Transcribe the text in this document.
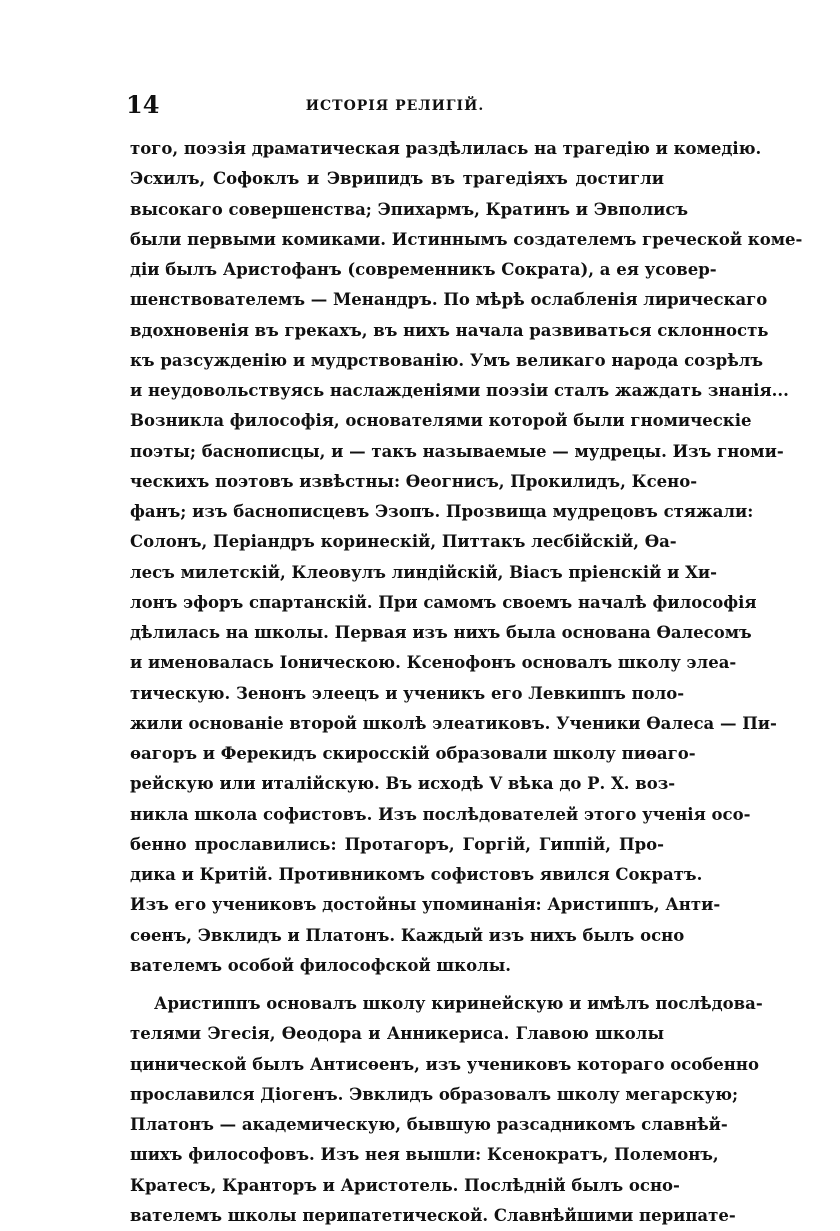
14	ИСТОРІЯ РЕЛИГІЙ.
того, поэзія драматическая раздѣлилась на трагедію и комедію.
Эсхилъ, Софоклъ и Эврипидъ въ трагедіяхъ достигли
высокаго совершенства; Эпихармъ, Кратинъ и Эвполисъ
были первыми комиками. Истиннымъ создателемъ греческой коме-
діи былъ Аристофанъ (современникъ Сократа), а ея усовер-
шенствователемъ — Менандръ. По мѣрѣ ослабленія лирическаго
вдохновенія въ грекахъ, въ нихъ начала развиваться склонность
къ разсужденію и мудрствованію. Умъ великаго народа созрѣлъ
и неудовольствуясь наслажденіями поэзіи сталъ жаждать знанія...
Возникла философія, основателями которой были гномическіе
поэты; баснописцы, и — такъ называемые — мудрецы. Изъ гноми-
ческихъ поэтовъ извѣстны: Өеогнисъ, Прокилидъ, Ксено-
фанъ; изъ баснописцевъ Эзопъ. Прозвища мудрецовъ стяжали:
Солонъ, Періандръ коринескій, Питтакъ лесбійскій, Өа-
лесъ милетскій, Клеовулъ линдійскій, Віасъ пріенскій и Хи-
лонъ эфоръ спартанскій. При самомъ своемъ началѣ философія
дѣлилась на школы. Первая изъ нихъ была основана Өалесомъ
и именовалась Іоническою. Ксенофонъ основалъ школу элеа-
тическую. Зенонъ элеецъ и ученикъ его Левкиппъ поло-
жили основаніе второй школѣ элеатиковъ. Ученики Өалеса — Пи-
өагоръ и Ферекидъ скиросскій образовали школу пиөаго-
рейскую или италійскую. Въ исходѣ V вѣка до Р. Х. воз-
никла школа софистовъ. Изъ послѣдователей этого ученія осо-
бенно прославились: Протагоръ, Горгій, Гиппій, Про-
дика и Критій. Противникомъ софистовъ явился Сократъ.
Изъ его учениковъ достойны упоминанія: Аристиппъ, Анти-
сөенъ, Эвклидъ и Платонъ. Каждый изъ нихъ былъ осно
вателемъ особой философской школы.
Аристиппъ основалъ школу киринейскую и имѣлъ послѣдова-
телями Эгесія, Өеодора и Анникериса. Главою школы
цинической былъ Антисөенъ, изъ учениковъ котораго особенно
прославился Діогенъ. Эвклидъ образовалъ школу мегарскую;
Платонъ — академическую, бывшую разсадникомъ славнѣй-
шихъ философовъ. Изъ нея вышли: Ксенократъ, Полемонъ,
Кратесъ, Кранторъ и Аристотель. Послѣдній былъ осно-
вателемъ школы перипатетической. Славнѣйшими перипате-
